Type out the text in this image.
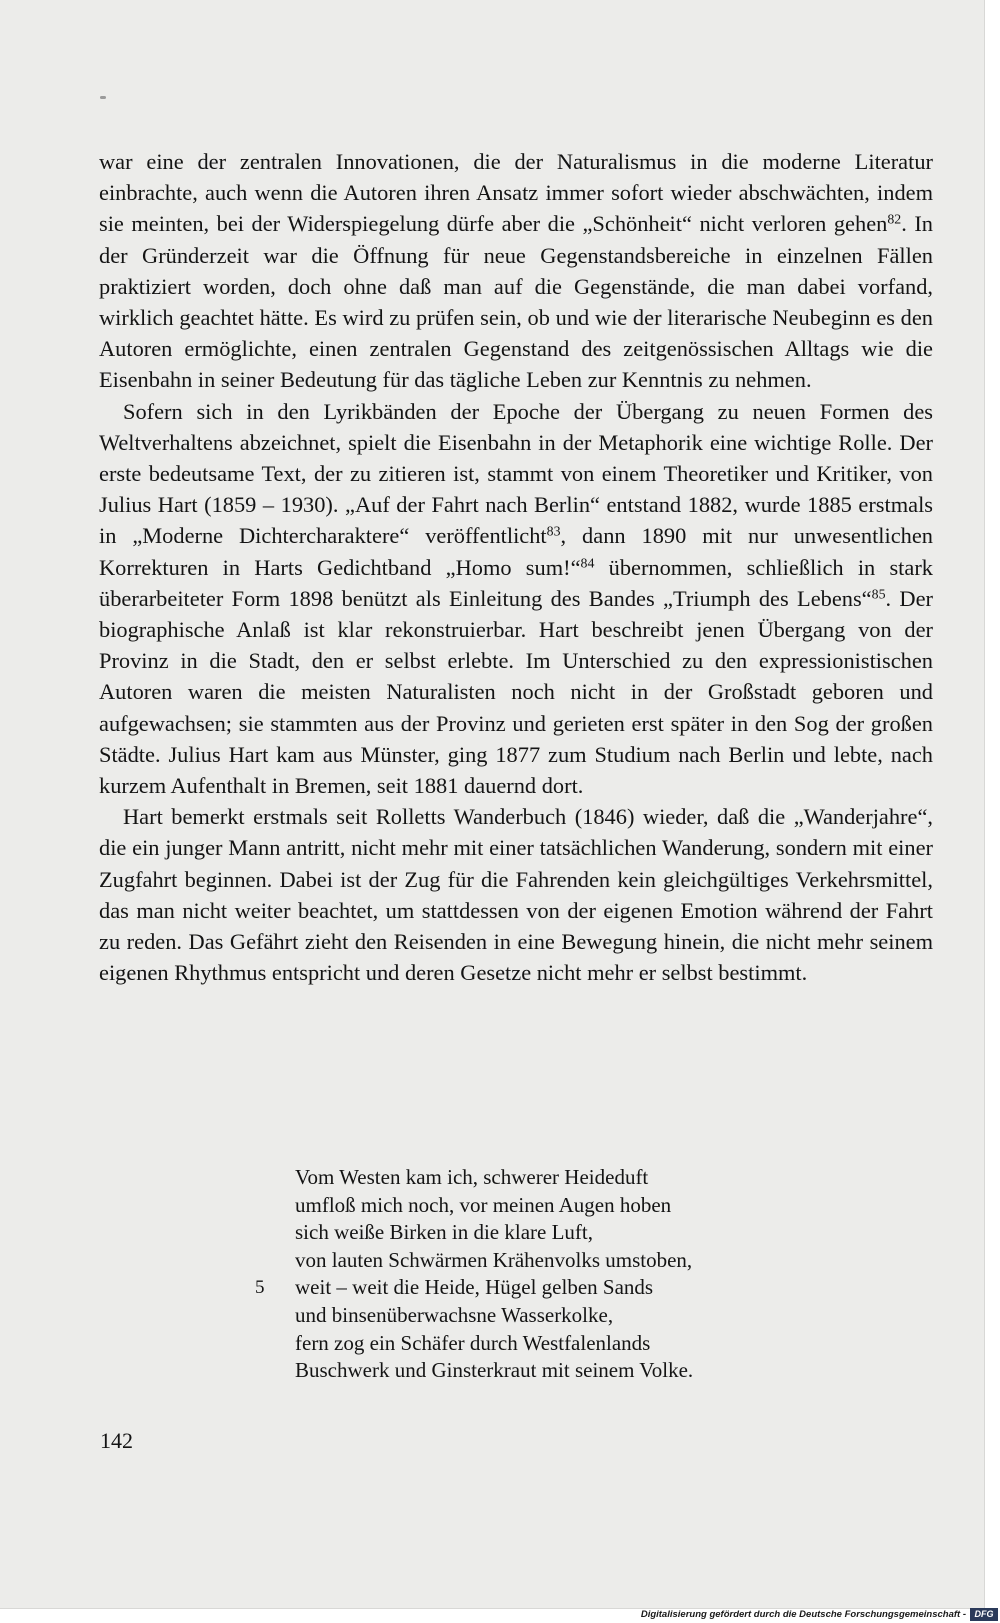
war eine der zentralen Innovationen, die der Naturalismus in die moderne Literatur einbrachte, auch wenn die Autoren ihren Ansatz immer sofort wieder abschwächten, indem sie meinten, bei der Widerspiegelung dürfe aber die „Schönheit“ nicht verloren gehen$^{82}$. In der Gründerzeit war die Öffnung für neue Gegenstandsbereiche in einzelnen Fällen praktiziert worden, doch ohne daß man auf die Gegenstände, die man dabei vorfand, wirklich geachtet hätte. Es wird zu prüfen sein, ob und wie der literarische Neubeginn es den Autoren ermöglichte, einen zentralen Gegenstand des zeitgenössischen Alltags wie die Eisenbahn in seiner Bedeutung für das tägliche Leben zur Kenntnis zu nehmen.

Sofern sich in den Lyrikbänden der Epoche der Übergang zu neuen Formen des Weltverhaltens abzeichnet, spielt die Eisenbahn in der Metaphorik eine wichtige Rolle. Der erste bedeutsame Text, der zu zitieren ist, stammt von einem Theoretiker und Kritiker, von Julius Hart (1859 – 1930). „Auf der Fahrt nach Berlin“ entstand 1882, wurde 1885 erstmals in „Moderne Dichtercharaktere“ veröffentlicht$^{83}$, dann 1890 mit nur unwesentlichen Korrekturen in Harts Gedichtband „Homo sum!“$^{84}$ übernommen, schließlich in stark überarbeiteter Form 1898 benützt als Einleitung des Bandes „Triumph des Lebens“$^{85}$. Der biographische Anlaß ist klar rekonstruierbar. Hart beschreibt jenen Übergang von der Provinz in die Stadt, den er selbst erlebte. Im Unterschied zu den expressionistischen Autoren waren die meisten Naturalisten noch nicht in der Großstadt geboren und aufgewachsen; sie stammten aus der Provinz und gerieten erst später in den Sog der großen Städte. Julius Hart kam aus Münster, ging 1877 zum Studium nach Berlin und lebte, nach kurzem Aufenthalt in Bremen, seit 1881 dauernd dort.

Hart bemerkt erstmals seit Rolletts Wanderbuch (1846) wieder, daß die „Wanderjahre“, die ein junger Mann antritt, nicht mehr mit einer tatsächlichen Wanderung, sondern mit einer Zugfahrt beginnen. Dabei ist der Zug für die Fahrenden kein gleichgültiges Verkehrsmittel, das man nicht weiter beachtet, um stattdessen von der eigenen Emotion während der Fahrt zu reden. Das Gefährt zieht den Reisenden in eine Bewegung hinein, die nicht mehr seinem eigenen Rhythmus entspricht und deren Gesetze nicht mehr er selbst bestimmt.

Vom Westen kam ich, schwerer Heideduft
umfloß mich noch, vor meinen Augen hoben
sich weiße Birken in die klare Luft,
von lauten Schwärmen Krähenvolks umstoben,
5 weit – weit die Heide, Hügel gelben Sands
und binsenüberwachsne Wasserkolke,
fern zog ein Schäfer durch Westfalenlands
Buschwerk und Ginsterkraut mit seinem Volke.
142
Digitalisierung gefördert durch die Deutsche Forschungsgemeinschaft - DFG
